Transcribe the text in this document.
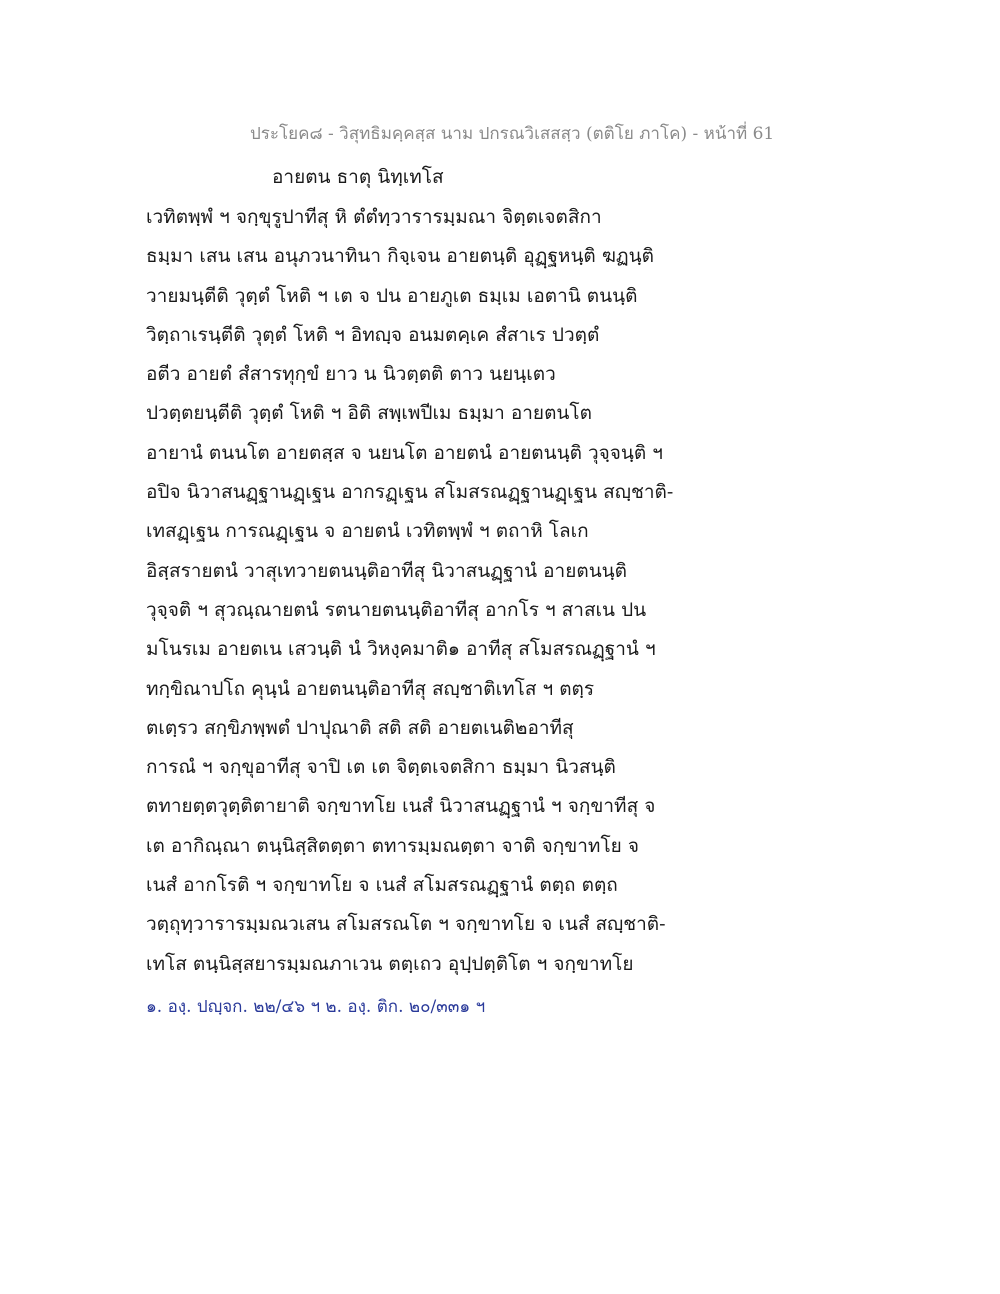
ประโยค๘ - วิสุทธิมคฺคสฺส นาม ปกรณวิเสสสฺว (ตติโย ภาโค) - หน้าที่ 61
อายตน ธาตุ นิทฺเทโส
เวทิตพฺพํ ฯ จกฺขุรูปาทีสุ หิ ตํตํทฺวารารมฺมณา จิตฺตเจตสิกา
ธมฺมา เสน เสน อนุภวนาทินา กิจฺเจน อายตนฺติ อุฏฺฐหนฺติ ฆฏนฺติ
วายมนฺตีติ วุตฺตํ โหติ ฯ เต จ ปน อายภูเต ธมฺเม เอตานิ ตนนฺติ
วิตฺถาเรนฺตีติ วุตฺตํ โหติ ฯ อิทญฺจ อนมตคฺเค สํสาเร ปวตฺตํ
อตีว อายตํ สํสารทุกฺขํ ยาว น นิวตฺตติ ตาว นยนฺเตว
ปวตฺตยนฺตีติ วุตฺตํ โหติ ฯ อิติ สพฺเพปีเม ธมฺมา อายตนโต
อายานํ ตนนโต อายตสฺส จ นยนโต อายตนํ อายตนนฺติ วุจฺจนฺติ ฯ
อปิจ นิวาสนฏฺฐานฏฺเฐน อากรฏฺเฐน สโมสรณฏฺฐานฏฺเฐน สญฺชาติ-
เทสฏฺเฐน การณฏฺเฐน จ อายตนํ เวทิตพฺพํ ฯ ตถาหิ โลเก
อิสฺสรายตนํ วาสุเทวายตนนฺติอาทีสุ นิวาสนฏฺฐานํ อายตนนฺติ
วุจฺจติ ฯ สุวณฺณายตนํ รตนายตนนฺติอาทีสุ อากโร ฯ สาสเน ปน
มโนรเม อายตเน เสวนฺติ นํ วิหงฺคมาติ๑ อาทีสุ สโมสรณฏฺฐานํ ฯ
ทกฺขิณาปโถ คุนฺนํ อายตนนฺติอาทีสุ สญฺชาติเทโส ฯ ตตฺร
ตเตฺรว สกฺขิภพฺพตํ ปาปุณาติ สติ สติ อายตเนติ๒อาทีสุ
การณํ ฯ จกฺขุอาทีสุ จาปิ เต เต จิตฺตเจตสิกา ธมฺมา นิวสนฺติ
ตทายตฺตวุตฺติตายาติ จกฺขาทโย เนสํ นิวาสนฏฺฐานํ ฯ จกฺขาทีสุ จ
เต อากิณฺณา ตนฺนิสฺสิตตฺตา ตทารมฺมณตฺตา จาติ จกฺขาทโย จ
เนสํ อากโรติ ฯ จกฺขาทโย จ เนสํ สโมสรณฏฺฐานํ ตตฺถ ตตฺถ
วตฺถุทฺวารารมฺมณวเสน สโมสรณโต ฯ จกฺขาทโย จ เนสํ สญฺชาติ-
เทโส ตนฺนิสฺสยารมฺมณภาเวน ตตฺเถว อุปฺปตฺติโต ฯ จกฺขาทโย
๑. องฺ. ปญฺจก. ๒๒/๔๖ ฯ ๒. องฺ. ติก. ๒๐/๓๓๑ ฯ
